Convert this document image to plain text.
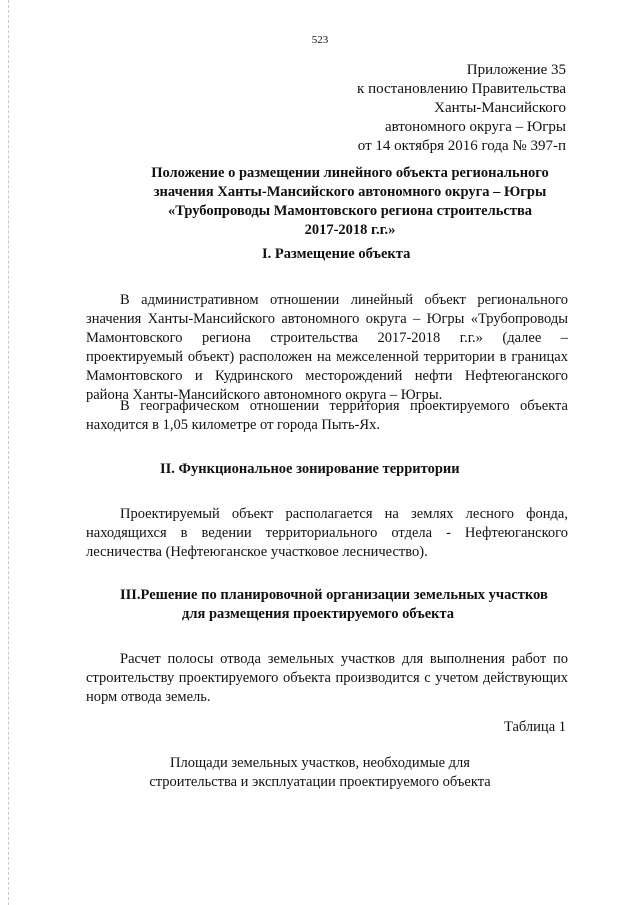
523
Приложение 35
к постановлению Правительства
Ханты-Мансийского
автономного округа – Югры
от 14 октября 2016 года № 397-п
Положение о размещении линейного объекта регионального
значения Ханты-Мансийского автономного округа – Югры
«Трубопроводы Мамонтовского региона строительства
2017-2018 г.г.»
I. Размещение объекта

В административном отношении линейный объект регионального значения Ханты-Мансийского автономного округа – Югры «Трубопроводы Мамонтовского региона строительства 2017-2018 г.г.» (далее – проектируемый объект) расположен на межселенной территории в границах Мамонтовского и Кудринского месторождений нефти Нефтеюганского района Ханты-Мансийского автономного округа – Югры.

В географическом отношении территория проектируемого объекта находится в 1,05 километре от города Пыть-Ях.

II. Функциональное зонирование территории

Проектируемый объект располагается на землях лесного фонда, находящихся в ведении территориального отдела - Нефтеюганского лесничества (Нефтеюганское участковое лесничество).

III.Решение по планировочной организации земельных участков
для размещения проектируемого объекта

Расчет полосы отвода земельных участков для выполнения работ по строительству проектируемого объекта производится с учетом действующих норм отвода земель.

Таблица 1
Площади земельных участков, необходимые для
строительства и эксплуатации проектируемого объекта
